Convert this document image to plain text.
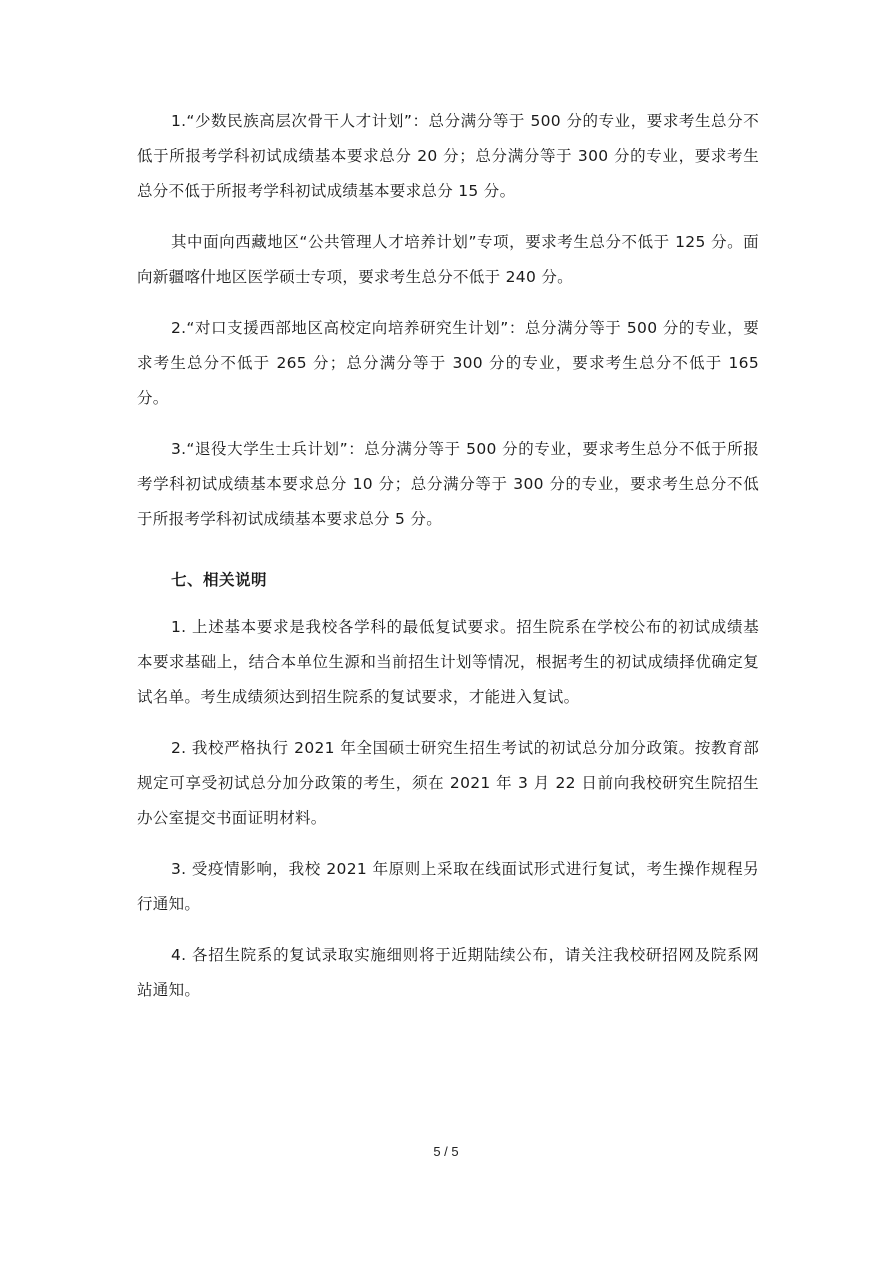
1.“少数民族高层次骨干人才计划”：总分满分等于 500 分的专业，要求考生总分不低于所报考学科初试成绩基本要求总分 20 分；总分满分等于 300 分的专业，要求考生总分不低于所报考学科初试成绩基本要求总分 15 分。

其中面向西藏地区“公共管理人才培养计划”专项，要求考生总分不低于 125 分。面向新疆喀什地区医学硕士专项，要求考生总分不低于 240 分。

2.“对口支援西部地区高校定向培养研究生计划”：总分满分等于 500 分的专业，要求考生总分不低于 265 分；总分满分等于 300 分的专业，要求考生总分不低于 165 分。

3.“退役大学生士兵计划”：总分满分等于 500 分的专业，要求考生总分不低于所报考学科初试成绩基本要求总分 10 分；总分满分等于 300 分的专业，要求考生总分不低于所报考学科初试成绩基本要求总分 5 分。

七、相关说明

1. 上述基本要求是我校各学科的最低复试要求。招生院系在学校公布的初试成绩基本要求基础上，结合本单位生源和当前招生计划等情况，根据考生的初试成绩择优确定复试名单。考生成绩须达到招生院系的复试要求，才能进入复试。

2. 我校严格执行 2021 年全国硕士研究生招生考试的初试总分加分政策。按教育部规定可享受初试总分加分政策的考生，须在 2021 年 3 月 22 日前向我校研究生院招生办公室提交书面证明材料。

3. 受疫情影响，我校 2021 年原则上采取在线面试形式进行复试，考生操作规程另行通知。

4. 各招生院系的复试录取实施细则将于近期陆续公布，请关注我校研招网及院系网站通知。

5 / 5
